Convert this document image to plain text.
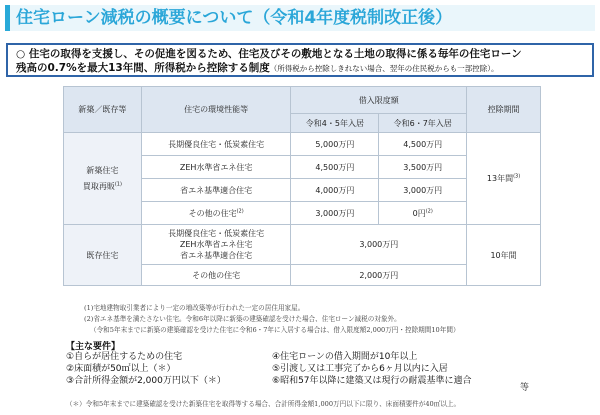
住宅ローン減税の概要について（令和4年度税制改正後）
○ 住宅の取得を支援し、その促進を図るため、住宅及びその敷地となる土地の取得に係る毎年の住宅ローン
残高の0.7%を最大13年間、所得税から控除する制度（所得税から控除しきれない場合、翌年の住民税からも一部控除）。
新築／既存等	住宅の環境性能等	借入限度額		控除期間
		令和4・5年入居	令和6・7年入居	

新築住宅
買取再販$^{(1)}$	長期優良住宅・低炭素住宅	5,000万円	4,500万円	13年間$^{(3)}$
	ZEH水準省エネ住宅	4,500万円	3,500万円	
	省エネ基準適合住宅	4,000万円	3,000万円	
	その他の住宅$^{(2)}$	3,000万円	0円$^{(2)}$
既存住宅	長期優良住宅・低炭素住宅
ZEH水準省エネ住宅
省エネ基準適合住宅	3,000万円		10年間
	その他の住宅	2,000万円		
(1)宅地建物取引業者により一定の増改築等が行われた一定の居住用家屋。
(2)省エネ基準を満たさない住宅。令和6年以降に新築の建築確認を受けた場合、住宅ローン減税の対象外。
（令和5年末までに新築の建築確認を受けた住宅に令和6・7年に入居する場合は、借入限度額2,000万円・控除期間10年間）
【主な要件】
①自らが居住するための住宅
②床面積が50㎡以上（＊）
③合計所得金額が2,000万円以下（＊）
④住宅ローンの借入期間が10年以上
⑤引渡し又は工事完了から6ヶ月以内に入居
⑥昭和57年以降に建築又は現行の耐震基準に適合
等
（＊）令和5年末までに建築確認を受けた新築住宅を取得等する場合、合計所得金額1,000万円以下に限り、床面積要件が40㎡以上。
